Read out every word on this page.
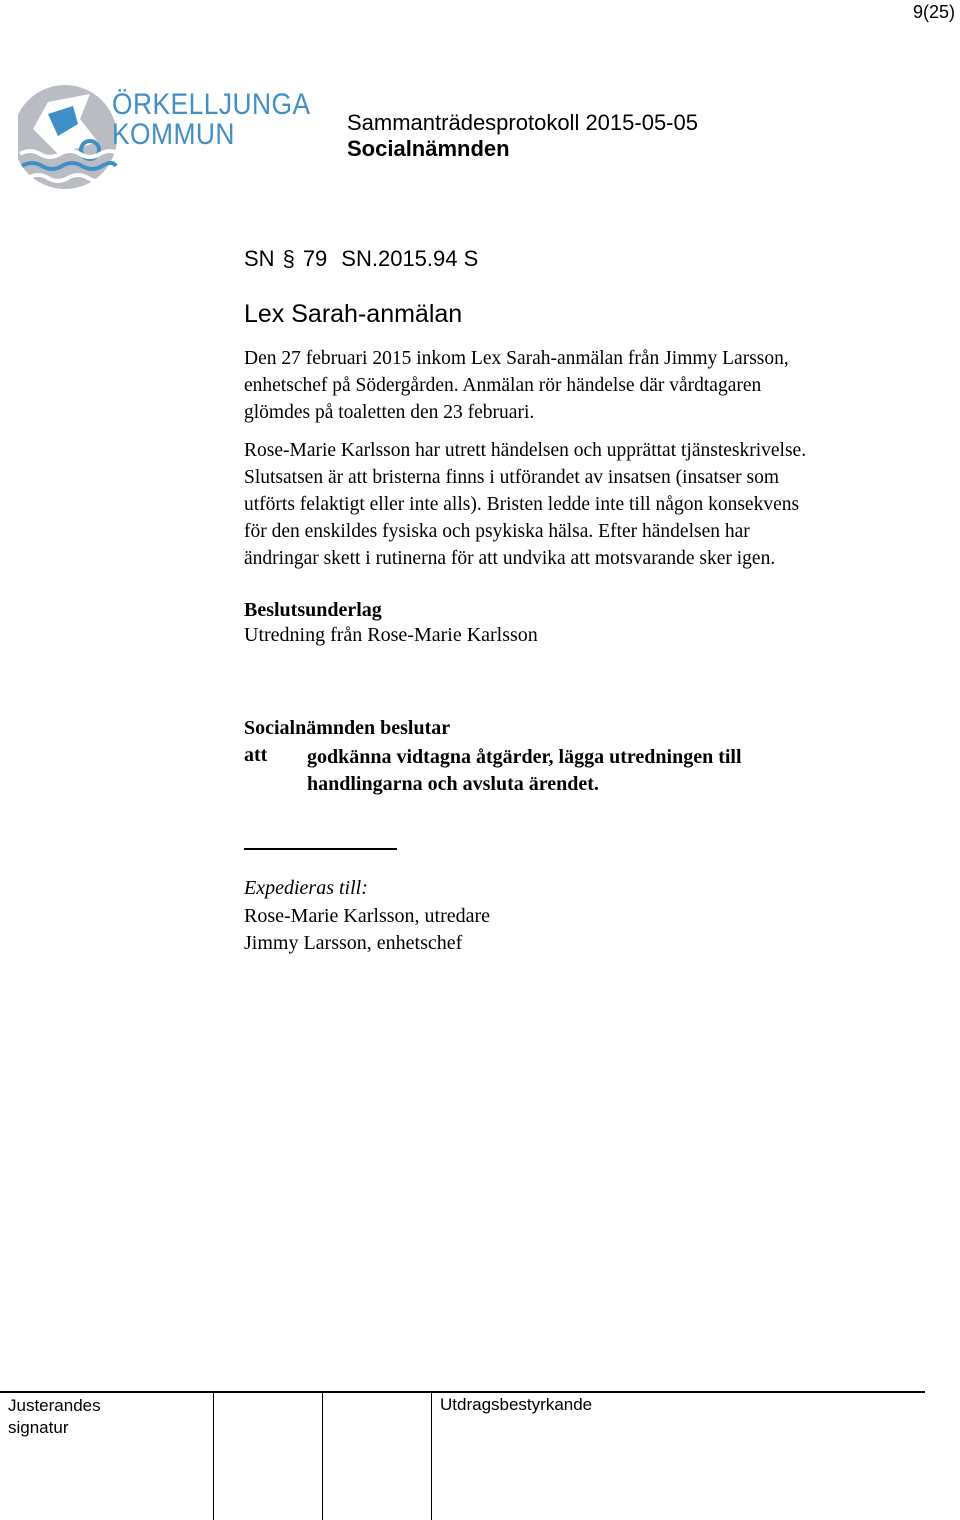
9(25)
ÖRKELLJUNGA
KOMMUN	Sammanträdesprotokoll 2015-05-05
Socialnämnden
SN § 79 SN.2015.94 S
Lex Sarah-anmälan
Den 27 februari 2015 inkom Lex Sarah-anmälan från Jimmy Larsson,
enhetschef på Södergården. Anmälan rör händelse där vårdtagaren
glömdes på toaletten den 23 februari.
Rose-Marie Karlsson har utrett händelsen och upprättat tjänsteskrivelse.
Slutsatsen är att bristerna finns i utförandet av insatsen (insatser som
utförts felaktigt eller inte alls). Bristen ledde inte till någon konsekvens
för den enskildes fysiska och psykiska hälsa. Efter händelsen har
ändringar skett i rutinerna för att undvika att motsvarande sker igen.
Beslutsunderlag
Utredning från Rose-Marie Karlsson
Socialnämnden beslutar
att godkänna vidtagna åtgärder, lägga utredningen till
handlingarna och avsluta ärendet.
Expedieras till:
Rose-Marie Karlsson, utredare
Jimmy Larsson, enhetschef
Justerandes
signatur
Utdragsbestyrkande
